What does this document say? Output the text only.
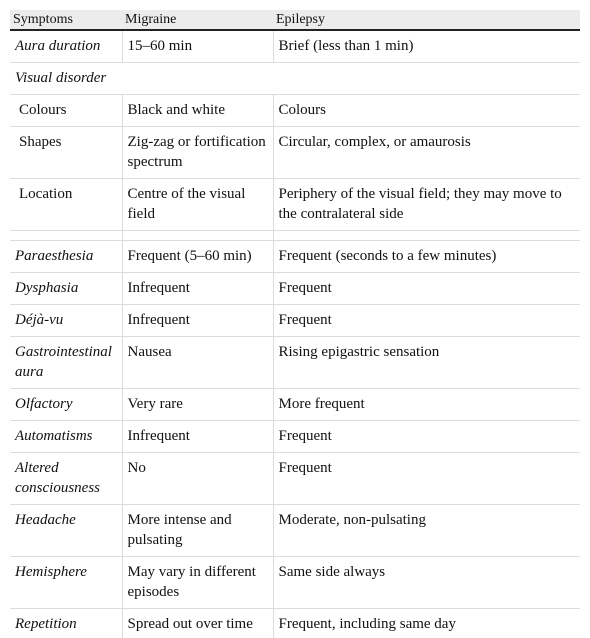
Symptoms	Migraine	Epilepsy
Aura duration	15–60 min	Brief (less than 1 min)
Visual disorder		
Colours	Black and white	Colours
Shapes	Zig-zag or fortification spectrum	Circular, complex, or amaurosis
Location	Centre of the visual field	Periphery of the visual field; they may move to the contralateral side

Paraesthesia	Frequent (5–60 min)	Frequent (seconds to a few minutes)
Dysphasia	Infrequent	Frequent
Déjà-vu	Infrequent	Frequent
Gastrointestinal aura	Nausea	Rising epigastric sensation
Olfactory	Very rare	More frequent
Automatisms	Infrequent	Frequent
Altered consciousness	No	Frequent
Headache	More intense and pulsating	Moderate, non-pulsating
Hemisphere	May vary in different episodes	Same side always
Repetition	Spread out over time	Frequent, including same day
